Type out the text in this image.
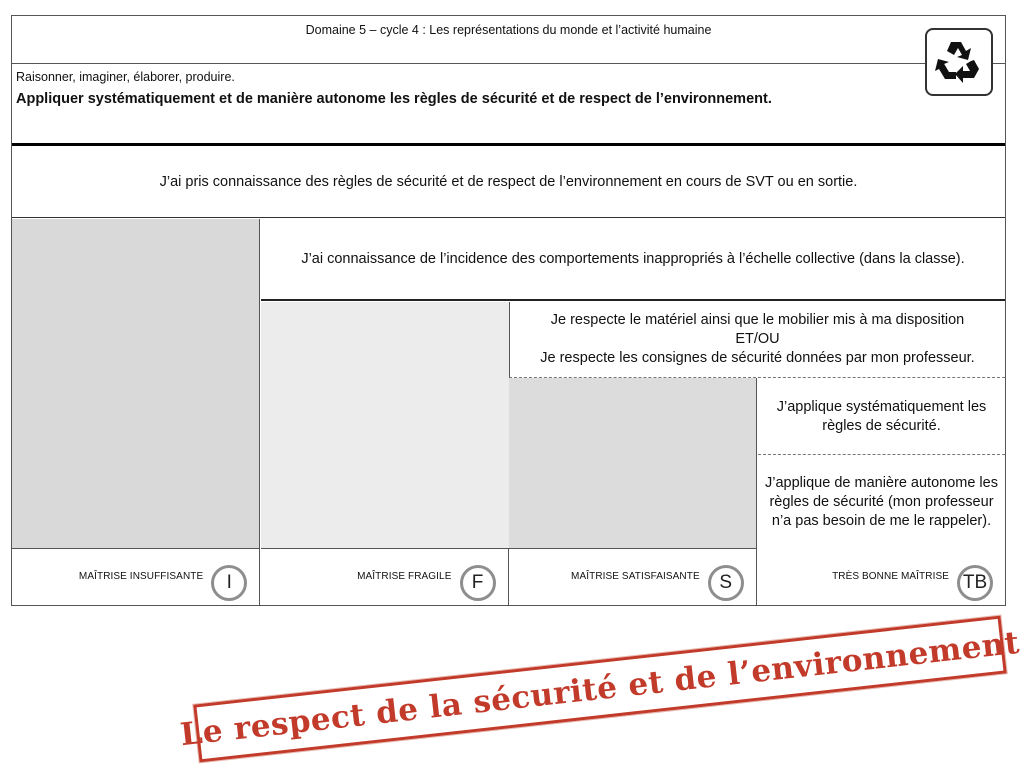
Domaine 5 – cycle 4 : Les représentations du monde et l’activité humaine
Raisonner, imaginer, élaborer, produire.
Appliquer systématiquement et de manière autonome les règles de sécurité et de respect de l’environnement.
J’ai pris connaissance des règles de sécurité et de respect de l’environnement en cours de SVT ou en sortie.
J’ai connaissance de l’incidence des comportements inappropriés à l’échelle collective (dans la classe).
Je respecte le matériel ainsi que le mobilier mis à ma disposition
ET/OU
Je respecte les consignes de sécurité données par mon professeur.
J’applique systématiquement les règles de sécurité.
J’applique de manière autonome les règles de sécurité (mon professeur n’a pas besoin de me le rappeler).
MAÎTRISE INSUFFISANTE	I	MAÎTRISE FRAGILE	F	MAÎTRISE SATISFAISANTE	S	TRÈS BONNE MAÎTRISE TB
Le respect de la sécurité et de l’environnement
